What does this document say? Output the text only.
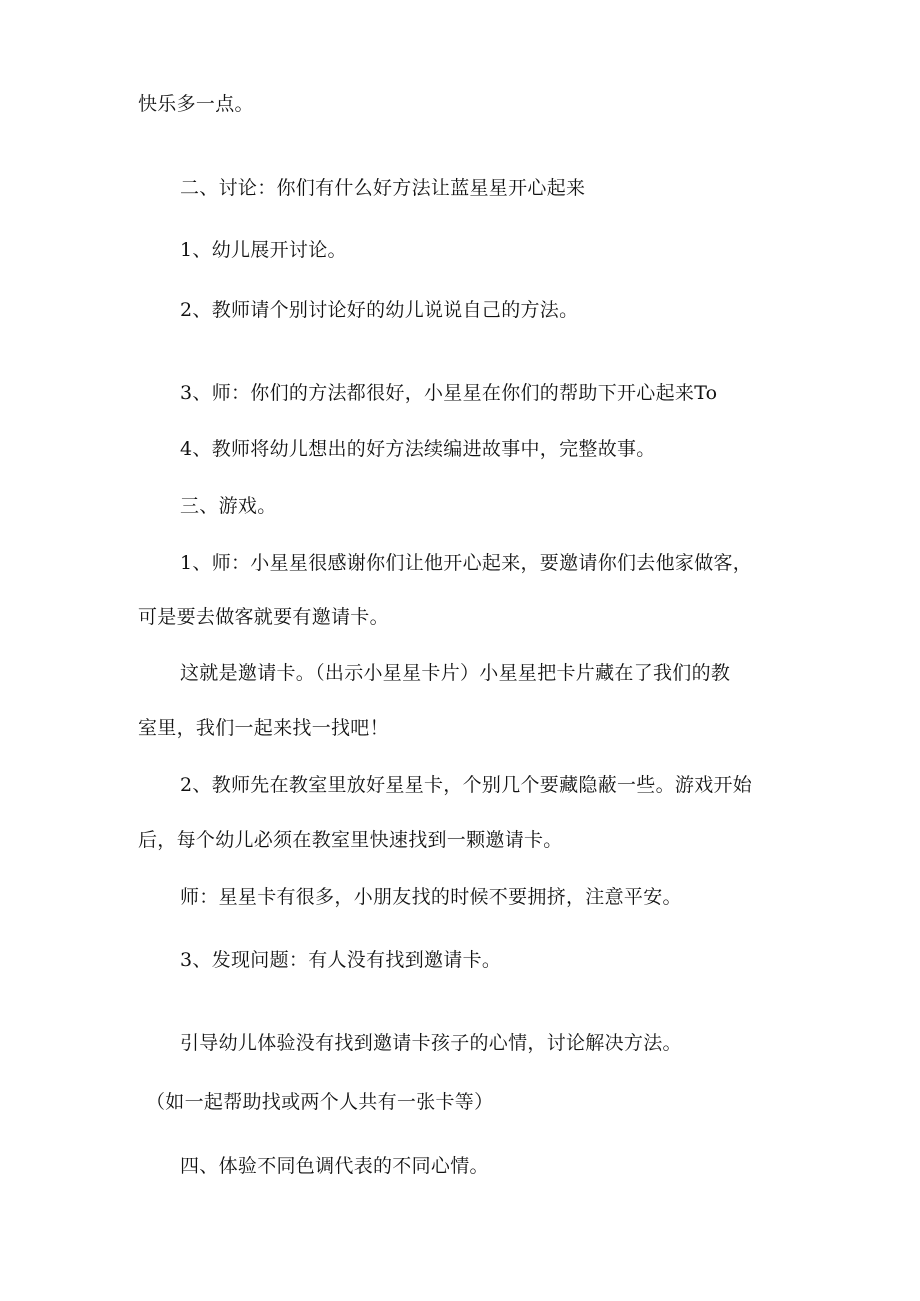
快乐多一点。
二、讨论：你们有什么好方法让蓝星星开心起来
1、幼儿展开讨论。
2、教师请个别讨论好的幼儿说说自己的方法。
3、师：你们的方法都很好，小星星在你们的帮助下开心起来To
4、教师将幼儿想出的好方法续编进故事中，完整故事。
三、游戏。
1、师：小星星很感谢你们让他开心起来，要邀请你们去他家做客，
可是要去做客就要有邀请卡。
这就是邀请卡。（出示小星星卡片）小星星把卡片藏在了我们的教
室里，我们一起来找一找吧！
2、教师先在教室里放好星星卡，个别几个要藏隐蔽一些。游戏开始
后，每个幼儿必须在教室里快速找到一颗邀请卡。
师：星星卡有很多，小朋友找的时候不要拥挤，注意平安。
3、发现问题：有人没有找到邀请卡。
引导幼儿体验没有找到邀请卡孩子的心情，讨论解决方法。
（如一起帮助找或两个人共有一张卡等）
四、体验不同色调代表的不同心情。
